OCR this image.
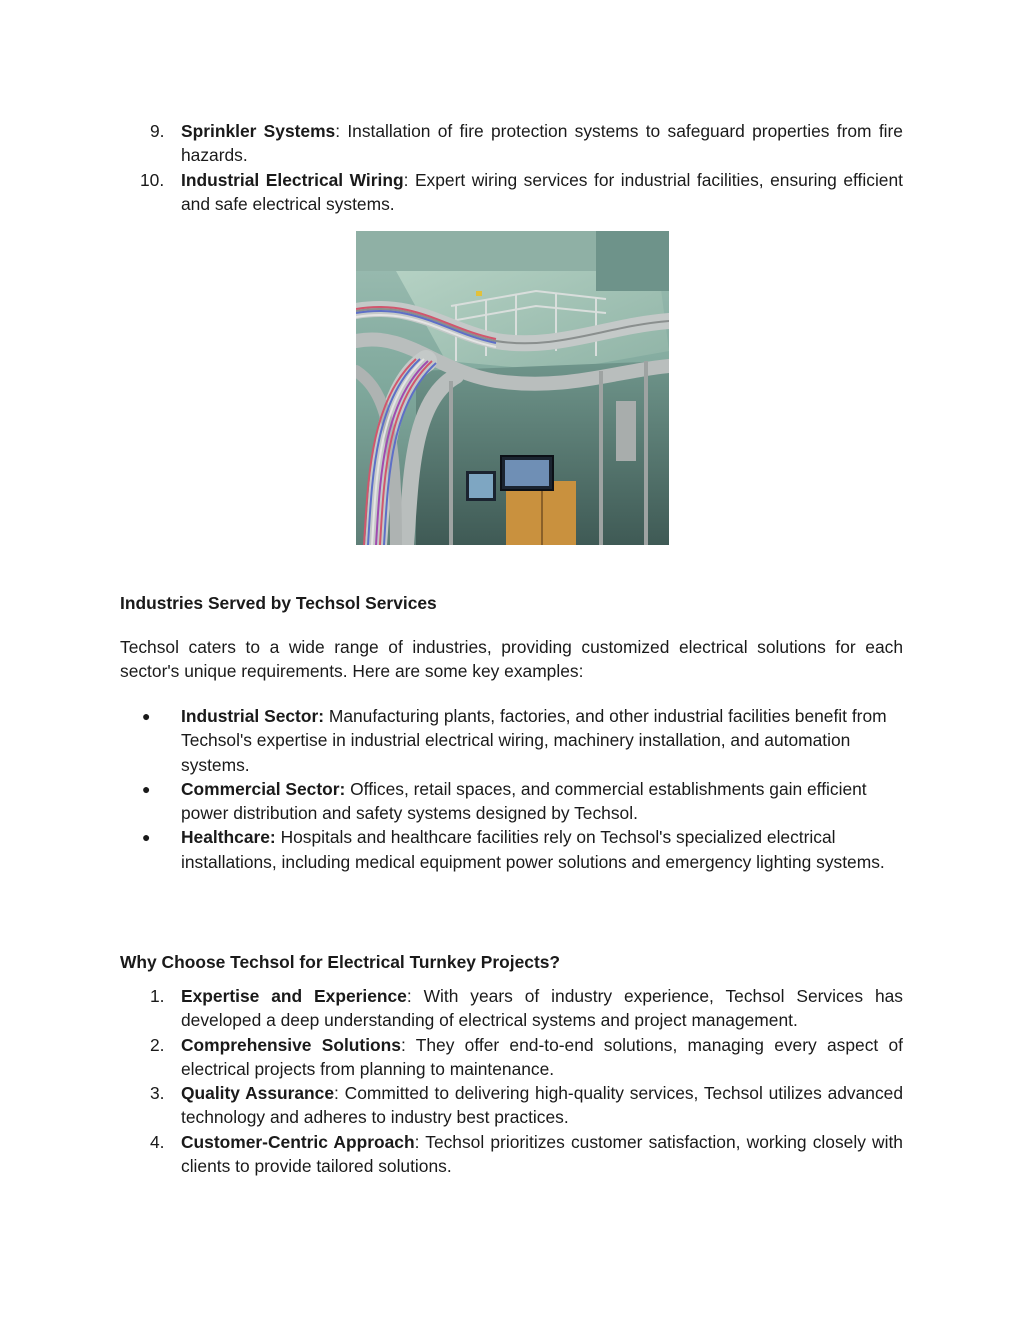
9. Sprinkler Systems: Installation of fire protection systems to safeguard properties from fire hazards.
10. Industrial Electrical Wiring: Expert wiring services for industrial facilities, ensuring efficient and safe electrical systems.
Industries Served by Techsol Services
Techsol caters to a wide range of industries, providing customized electrical solutions for each sector's unique requirements. Here are some key examples:
● Industrial Sector: Manufacturing plants, factories, and other industrial facilities benefit from Techsol's expertise in industrial electrical wiring, machinery installation, and automation systems.
● Commercial Sector: Offices, retail spaces, and commercial establishments gain efficient power distribution and safety systems designed by Techsol.
● Healthcare: Hospitals and healthcare facilities rely on Techsol's specialized electrical installations, including medical equipment power solutions and emergency lighting systems.
Why Choose Techsol for Electrical Turnkey Projects?
1. Expertise and Experience: With years of industry experience, Techsol Services has developed a deep understanding of electrical systems and project management.
2. Comprehensive Solutions: They offer end-to-end solutions, managing every aspect of electrical projects from planning to maintenance.
3. Quality Assurance: Committed to delivering high-quality services, Techsol utilizes advanced technology and adheres to industry best practices.
4. Customer-Centric Approach: Techsol prioritizes customer satisfaction, working closely with clients to provide tailored solutions.
